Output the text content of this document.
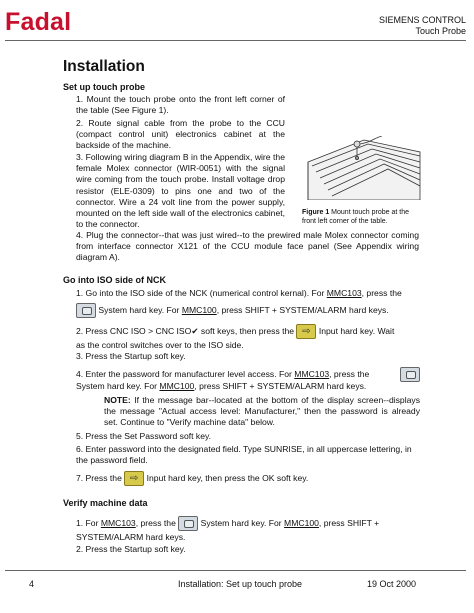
Fadal	SIEMENS CONTROL
Touch Probe
Installation
Set up touch probe
1. Mount the touch probe onto the front left corner of the table (See Figure 1).
2. Route signal cable from the probe to the CCU (compact control unit) electronics cabinet at the backside of the machine.
3. Following wiring diagram B in the Appendix, wire the female Molex connector (WIR-0051) with the signal wire coming from the touch probe. Install voltage drop resistor (ELE-0309) to pins one and two of the connector. Wire a 24 volt line from the power supply, mounted on the left side wall of the electronics cabinet, to the connector.
4. Plug the connector--that was just wired--to the prewired male Molex connector coming from interface connector X121 of the CCU module face panel (See Appendix wiring diagram A).
Figure 1 Mount touch probe at the front left corner of the table.
Go into ISO side of NCK
1. Go into the ISO side of the NCK (numerical control kernal). For MMC103, press the
System hard key. For MMC100, press SHIFT + SYSTEM/ALARM hard keys.
2. Press CNC ISO > CNC ISO✔ soft keys, then press the ⇨ Input hard key. Wait
as the control switches over to the ISO side.
3. Press the Startup soft key.
4. Enter the password for manufacturer level access. For MMC103, press the
System hard key. For MMC100, press SHIFT + SYSTEM/ALARM hard keys.
NOTE: If the message bar--located at the bottom of the display screen--displays the message "Actual access level: Manufacturer," then the password is already set. Continue to "Verify machine data" below.
5. Press the Set Password soft key.
6. Enter password into the designated field. Type SUNRISE, in all uppercase lettering, in the password field.
7. Press the ⇨ Input hard key, then press the OK soft key.
Verify machine data
1. For MMC103, press the  System hard key. For MMC100, press SHIFT +
SYSTEM/ALARM hard keys.
2. Press the Startup soft key.
4	Installation: Set up touch probe	19 Oct 2000
